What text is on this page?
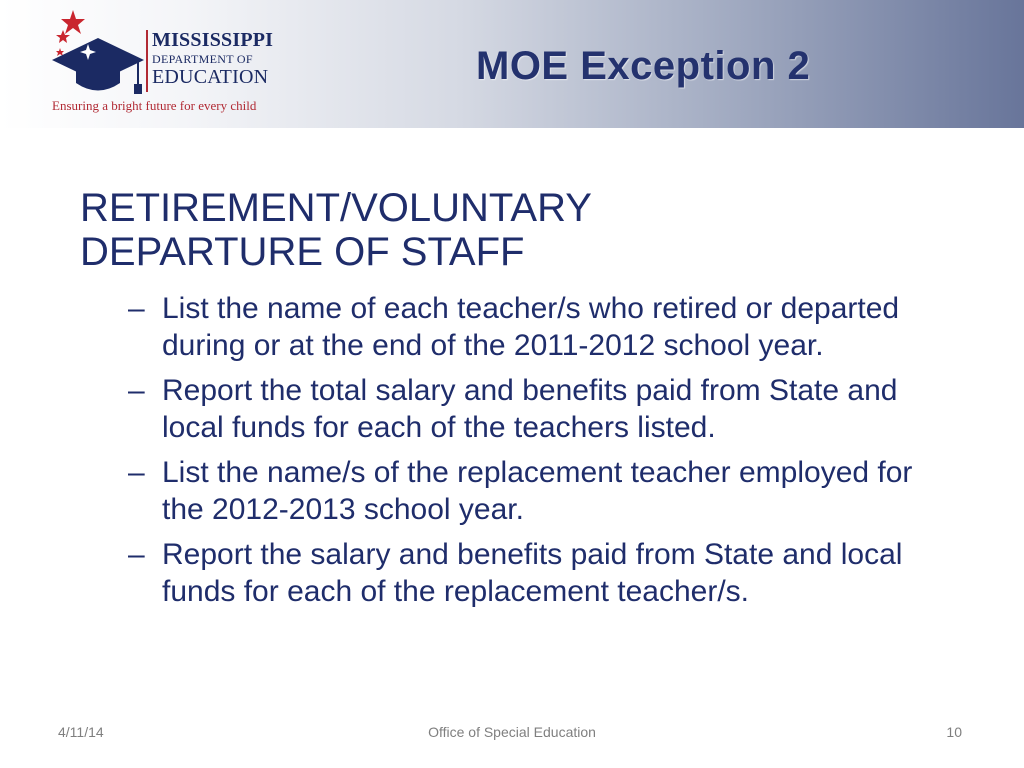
MISSISSIPPI
DEPARTMENT OF
EDUCATION
Ensuring a bright future for every child
MOE Exception 2
RETIREMENT/VOLUNTARY
DEPARTURE OF STAFF
– List the name of each teacher/s who retired or departed during or at the end of the 2011-2012 school year.
– Report the total salary and benefits paid from State and local funds for each of the teachers listed.
– List the name/s of the replacement teacher employed for the 2012-2013 school year.
– Report the salary and benefits paid from State and local funds for each of the replacement teacher/s.
4/11/14	Office of Special Education	10
